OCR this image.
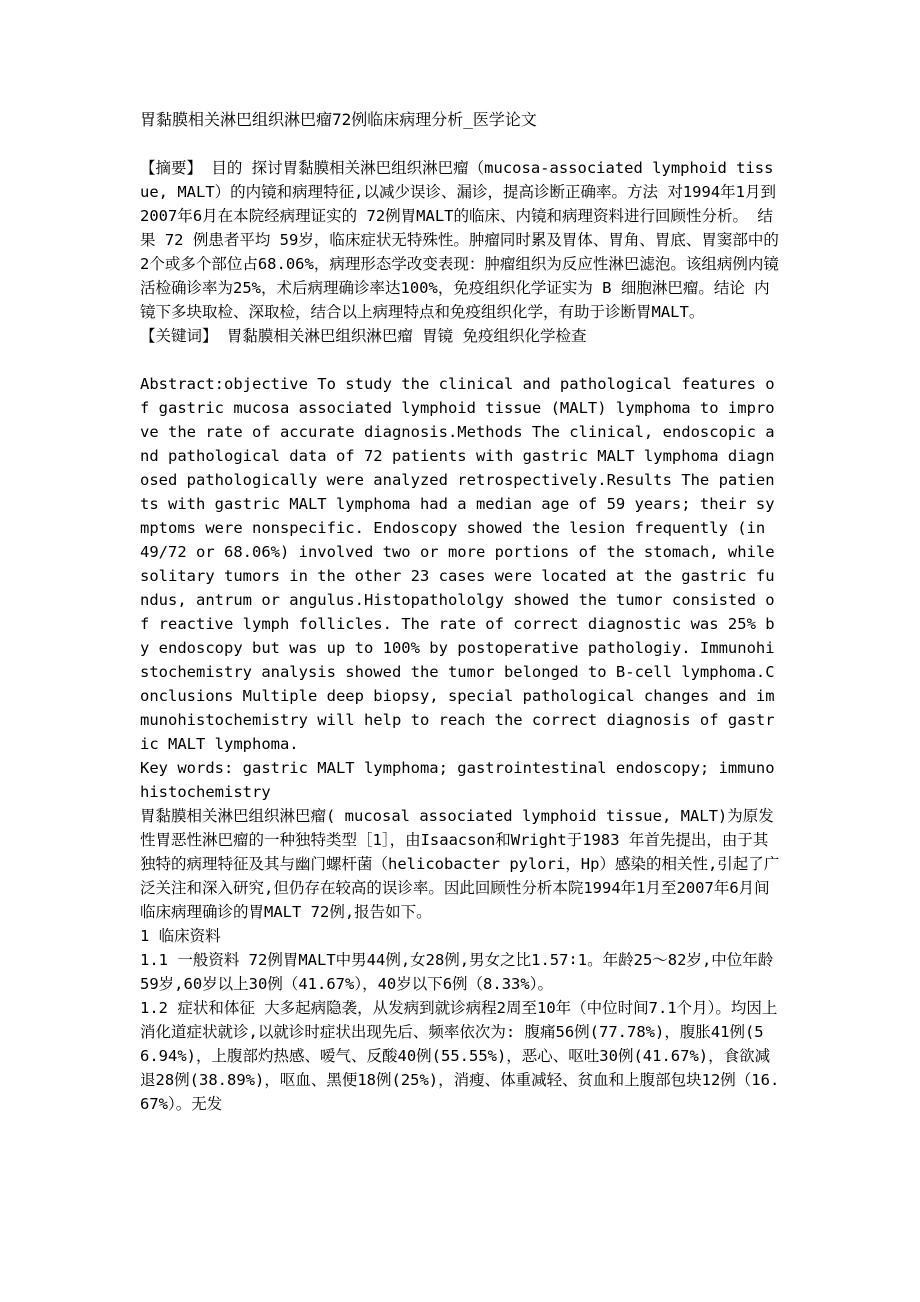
胃黏膜相关淋巴组织淋巴瘤72例临床病理分析_医学论文

【摘要】 目的 探讨胃黏膜相关淋巴组织淋巴瘤（mucosa-associated lymphoid tissue, MALT）的内镜和病理特征,以减少误诊、漏诊，提高诊断正确率。方法 对1994年1月到2007年6月在本院经病理证实的 72例胃MALT的临床、内镜和病理资料进行回顾性分析。 结果 72 例患者平均 59岁，临床症状无特殊性。肿瘤同时累及胃体、胃角、胃底、胃窦部中的2个或多个部位占68.06%，病理形态学改变表现：肿瘤组织为反应性淋巴滤泡。该组病例内镜活检确诊率为25%，术后病理确诊率达100%，免疫组织化学证实为 B 细胞淋巴瘤。结论 内镜下多块取检、深取检，结合以上病理特点和免疫组织化学，有助于诊断胃MALT。

【关键词】 胃黏膜相关淋巴组织淋巴瘤 胃镜 免疫组织化学检查

Abstract:objective To study the clinical and pathological features of gastric mucosa associated lymphoid tissue (MALT) lymphoma to improve the rate of accurate diagnosis.Methods The clinical, endoscopic and pathological data of 72 patients with gastric MALT lymphoma diagnosed pathologically were analyzed retrospectively.Results The patients with gastric MALT lymphoma had a median age of 59 years; their symptoms were nonspecific. Endoscopy showed the lesion frequently (in 49/72 or 68.06%) involved two or more portions of the stomach, while solitary tumors in the other 23 cases were located at the gastric fundus, antrum or angulus.Histopathololgy showed the tumor consisted of reactive lymph follicles. The rate of correct diagnostic was 25% by endoscopy but was up to 100% by postoperative pathologiy. Immunohistochemistry analysis showed the tumor belonged to B-cell lymphoma.Conclusions Multiple deep biopsy, special pathological changes and immunohistochemistry will help to reach the correct diagnosis of gastric MALT lymphoma.

Key words: gastric MALT lymphoma; gastrointestinal endoscopy; immunohistochemistry

胃黏膜相关淋巴组织淋巴瘤( mucosal associated lymphoid tissue, MALT)为原发性胃恶性淋巴瘤的一种独特类型［1］，由Isaacson和Wright于1983 年首先提出，由于其独特的病理特征及其与幽门螺杆菌（helicobacter pylori，Hp）感染的相关性,引起了广泛关注和深入研究,但仍存在较高的误诊率。因此回顾性分析本院1994年1月至2007年6月间临床病理确诊的胃MALT 72例,报告如下。

1 临床资料

1.1 一般资料 72例胃MALT中男44例,女28例,男女之比1.57∶1。年龄25～82岁,中位年龄59岁,60岁以上30例（41.67%），40岁以下6例（8.33%）。

1.2 症状和体征 大多起病隐袭，从发病到就诊病程2周至10年（中位时间7.1个月）。均因上消化道症状就诊,以就诊时症状出现先后、频率依次为: 腹痛56例(77.78%)，腹胀41例(56.94%)，上腹部灼热感、嗳气、反酸40例(55.55%)，恶心、呕吐30例(41.67%)，食欲减退28例(38.89%)，呕血、黑便18例(25%)，消瘦、体重减轻、贫血和上腹部包块12例（16.67%）。无发
